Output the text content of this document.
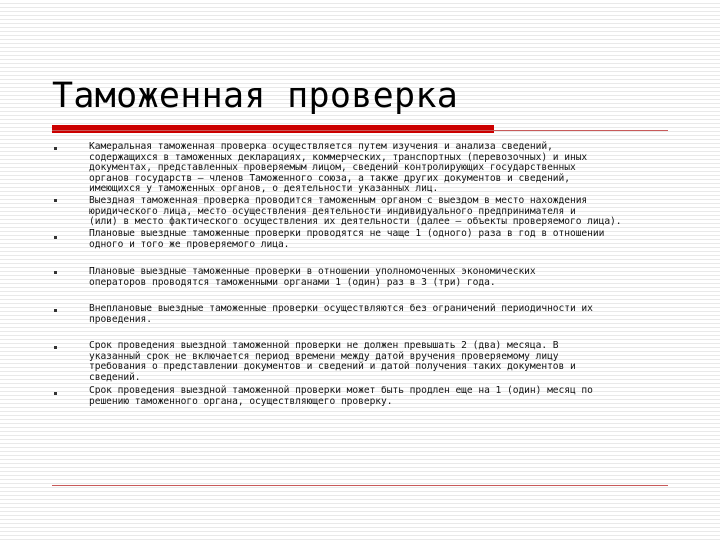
Таможенная проверка

Камеральная таможенная проверка осуществляется путем изучения и анализа сведений,
содержащихся в таможенных декларациях, коммерческих, транспортных (перевозочных) и иных
документах, представленных проверяемым лицом, сведений контролирующих государственных
органов государств – членов Таможенного союза, а также других документов и сведений,
имеющихся у таможенных органов, о деятельности указанных лиц.

Выездная таможенная проверка проводится таможенным органом с выездом в место нахождения
юридического лица, место осуществления деятельности индивидуального предпринимателя и
(или) в место фактического осуществления их деятельности (далее – объекты проверяемого лица).

Плановые выездные таможенные проверки проводятся не чаще 1 (одного) раза в год в отношении
одного и того же проверяемого лица.

Плановые выездные таможенные проверки в отношении уполномоченных экономических
операторов проводятся таможенными органами 1 (один) раз в 3 (три) года.

Внеплановые выездные таможенные проверки осуществляются без ограничений периодичности их
проведения.

Срок проведения выездной таможенной проверки не должен превышать 2 (два) месяца. В
указанный срок не включается период времени между датой вручения проверяемому лицу
требования о представлении документов и сведений и датой получения таких документов и
сведений.

Срок проведения выездной таможенной проверки может быть продлен еще на 1 (один) месяц по
решению таможенного органа, осуществляющего проверку.
